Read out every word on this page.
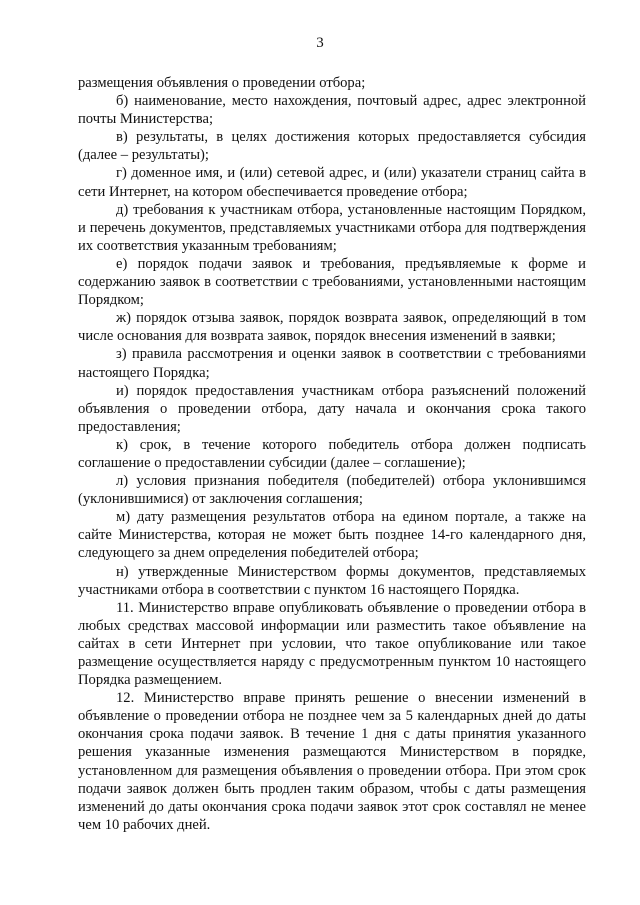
3

размещения объявления о проведении отбора;

б) наименование, место нахождения, почтовый адрес, адрес электронной почты Министерства;

в) результаты, в целях достижения которых предоставляется субсидия (далее – результаты);

г) доменное имя, и (или) сетевой адрес, и (или) указатели страниц сайта в сети Интернет, на котором обеспечивается проведение отбора;

д) требования к участникам отбора, установленные настоящим Порядком, и перечень документов, представляемых участниками отбора для подтверждения их соответствия указанным требованиям;

е) порядок подачи заявок и требования, предъявляемые к форме и содержанию заявок в соответствии с требованиями, установленными настоящим Порядком;

ж) порядок отзыва заявок, порядок возврата заявок, определяющий в том числе основания для возврата заявок, порядок внесения изменений в заявки;

з) правила рассмотрения и оценки заявок в соответствии с требованиями настоящего Порядка;

и) порядок предоставления участникам отбора разъяснений положений объявления о проведении отбора, дату начала и окончания срока такого предоставления;

к) срок, в течение которого победитель отбора должен подписать соглашение о предоставлении субсидии (далее – соглашение);

л) условия признания победителя (победителей) отбора уклонившимся (уклонившимися) от заключения соглашения;

м) дату размещения результатов отбора на едином портале, а также на сайте Министерства, которая не может быть позднее 14-го календарного дня, следующего за днем определения победителей отбора;

н) утвержденные Министерством формы документов, представляемых участниками отбора в соответствии с пунктом 16 настоящего Порядка.

11. Министерство вправе опубликовать объявление о проведении отбора в любых средствах массовой информации или разместить такое объявление на сайтах в сети Интернет при условии, что такое опубликование или такое размещение осуществляется наряду с предусмотренным пунктом 10 настоящего Порядка размещением.

12. Министерство вправе принять решение о внесении изменений в объявление о проведении отбора не позднее чем за 5 календарных дней до даты окончания срока подачи заявок. В течение 1 дня с даты принятия указанного решения указанные изменения размещаются Министерством в порядке, установленном для размещения объявления о проведении отбора. При этом срок подачи заявок должен быть продлен таким образом, чтобы с даты размещения изменений до даты окончания срока подачи заявок этот срок составлял не менее чем 10 рабочих дней.
